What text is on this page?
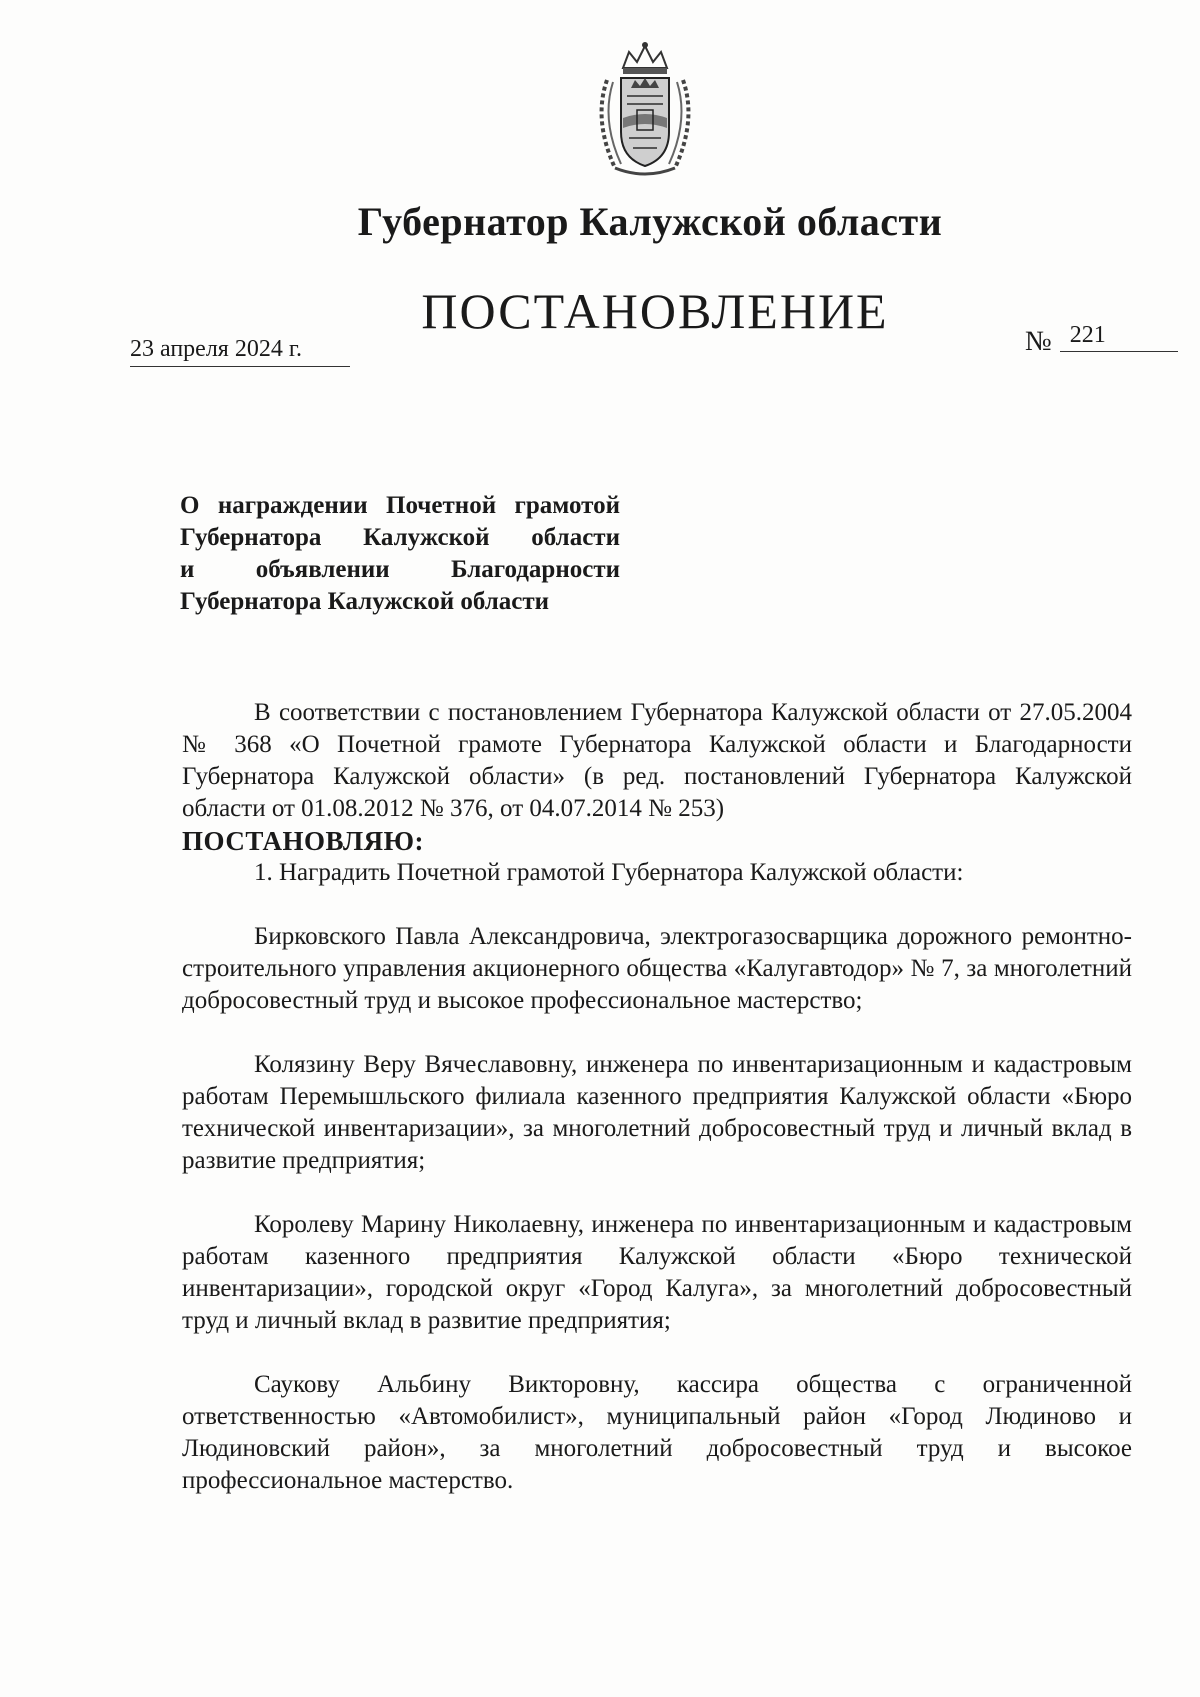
Губернатор Калужской области
ПОСТАНОВЛЕНИЕ
23 апреля 2024 г.	№ 221
О награждении Почетной грамотой
Губернатора Калужской области
и объявлении Благодарности
Губернатора Калужской области

В соответствии с постановлением Губернатора Калужской области от 27.05.2004 № 368 «О Почетной грамоте Губернатора Калужской области и Благодарности Губернатора Калужской области» (в ред. постановлений Губернатора Калужской области от 01.08.2012 № 376, от 04.07.2014 № 253)

ПОСТАНОВЛЯЮ:

1. Наградить Почетной грамотой Губернатора Калужской области:

Бирковского Павла Александровича, электрогазосварщика дорожного ремонтно-строительного управления акционерного общества «Калугавтодор» № 7, за многолетний добросовестный труд и высокое профессиональное мастерство;

Колязину Веру Вячеславовну, инженера по инвентаризационным и кадастровым работам Перемышльского филиала казенного предприятия Калужской области «Бюро технической инвентаризации», за многолетний добросовестный труд и личный вклад в развитие предприятия;

Королеву Марину Николаевну, инженера по инвентаризационным и кадастровым работам казенного предприятия Калужской области «Бюро технической инвентаризации», городской округ «Город Калуга», за многолетний добросовестный труд и личный вклад в развитие предприятия;

Саукову Альбину Викторовну, кассира общества с ограниченной ответственностью «Автомобилист», муниципальный район «Город Людиново и Людиновский район», за многолетний добросовестный труд и высокое профессиональное мастерство.
